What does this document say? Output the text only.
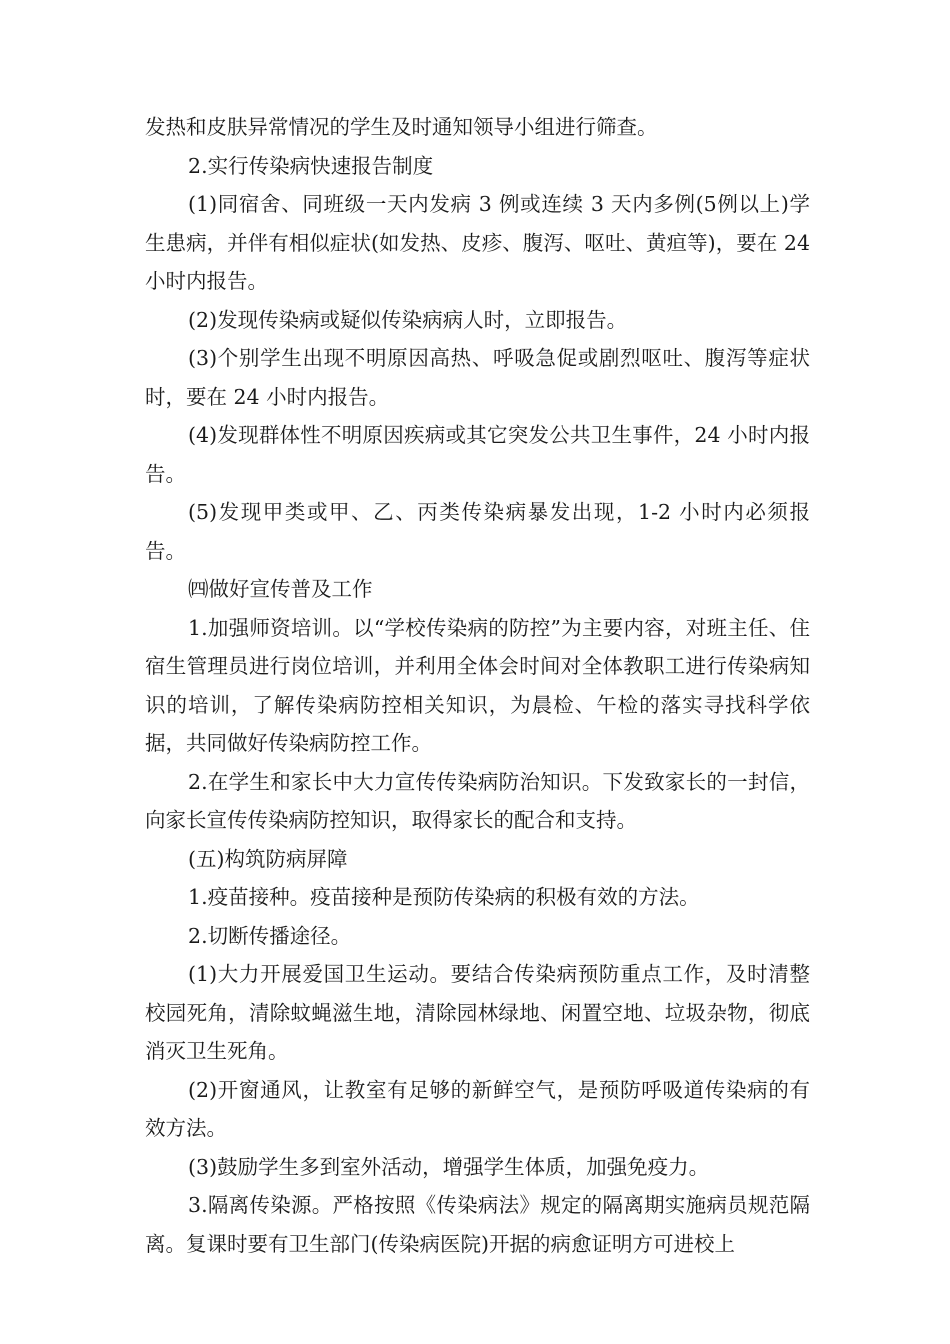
发热和皮肤异常情况的学生及时通知领导小组进行筛查。

2.实行传染病快速报告制度

(1)同宿舍、同班级一天内发病 3 例或连续 3 天内多例(5例以上)学生患病，并伴有相似症状(如发热、皮疹、腹泻、呕吐、黄疸等)，要在 24 小时内报告。

(2)发现传染病或疑似传染病病人时，立即报告。

(3)个别学生出现不明原因高热、呼吸急促或剧烈呕吐、腹泻等症状时，要在 24 小时内报告。

(4)发现群体性不明原因疾病或其它突发公共卫生事件，24 小时内报告。

(5)发现甲类或甲、乙、丙类传染病暴发出现，1-2 小时内必须报告。

㈣做好宣传普及工作

1.加强师资培训。以“学校传染病的防控”为主要内容，对班主任、住宿生管理员进行岗位培训，并利用全体会时间对全体教职工进行传染病知识的培训，了解传染病防控相关知识，为晨检、午检的落实寻找科学依据，共同做好传染病防控工作。

2.在学生和家长中大力宣传传染病防治知识。下发致家长的一封信，向家长宣传传染病防控知识，取得家长的配合和支持。

(五)构筑防病屏障

1.疫苗接种。疫苗接种是预防传染病的积极有效的方法。

2.切断传播途径。

(1)大力开展爱国卫生运动。要结合传染病预防重点工作，及时清整校园死角，清除蚊蝇滋生地，清除园林绿地、闲置空地、垃圾杂物，彻底消灭卫生死角。

(2)开窗通风，让教室有足够的新鲜空气，是预防呼吸道传染病的有效方法。

(3)鼓励学生多到室外活动，增强学生体质，加强免疫力。

3.隔离传染源。严格按照《传染病法》规定的隔离期实施病员规范隔离。复课时要有卫生部门(传染病医院)开据的病愈证明方可进校上
